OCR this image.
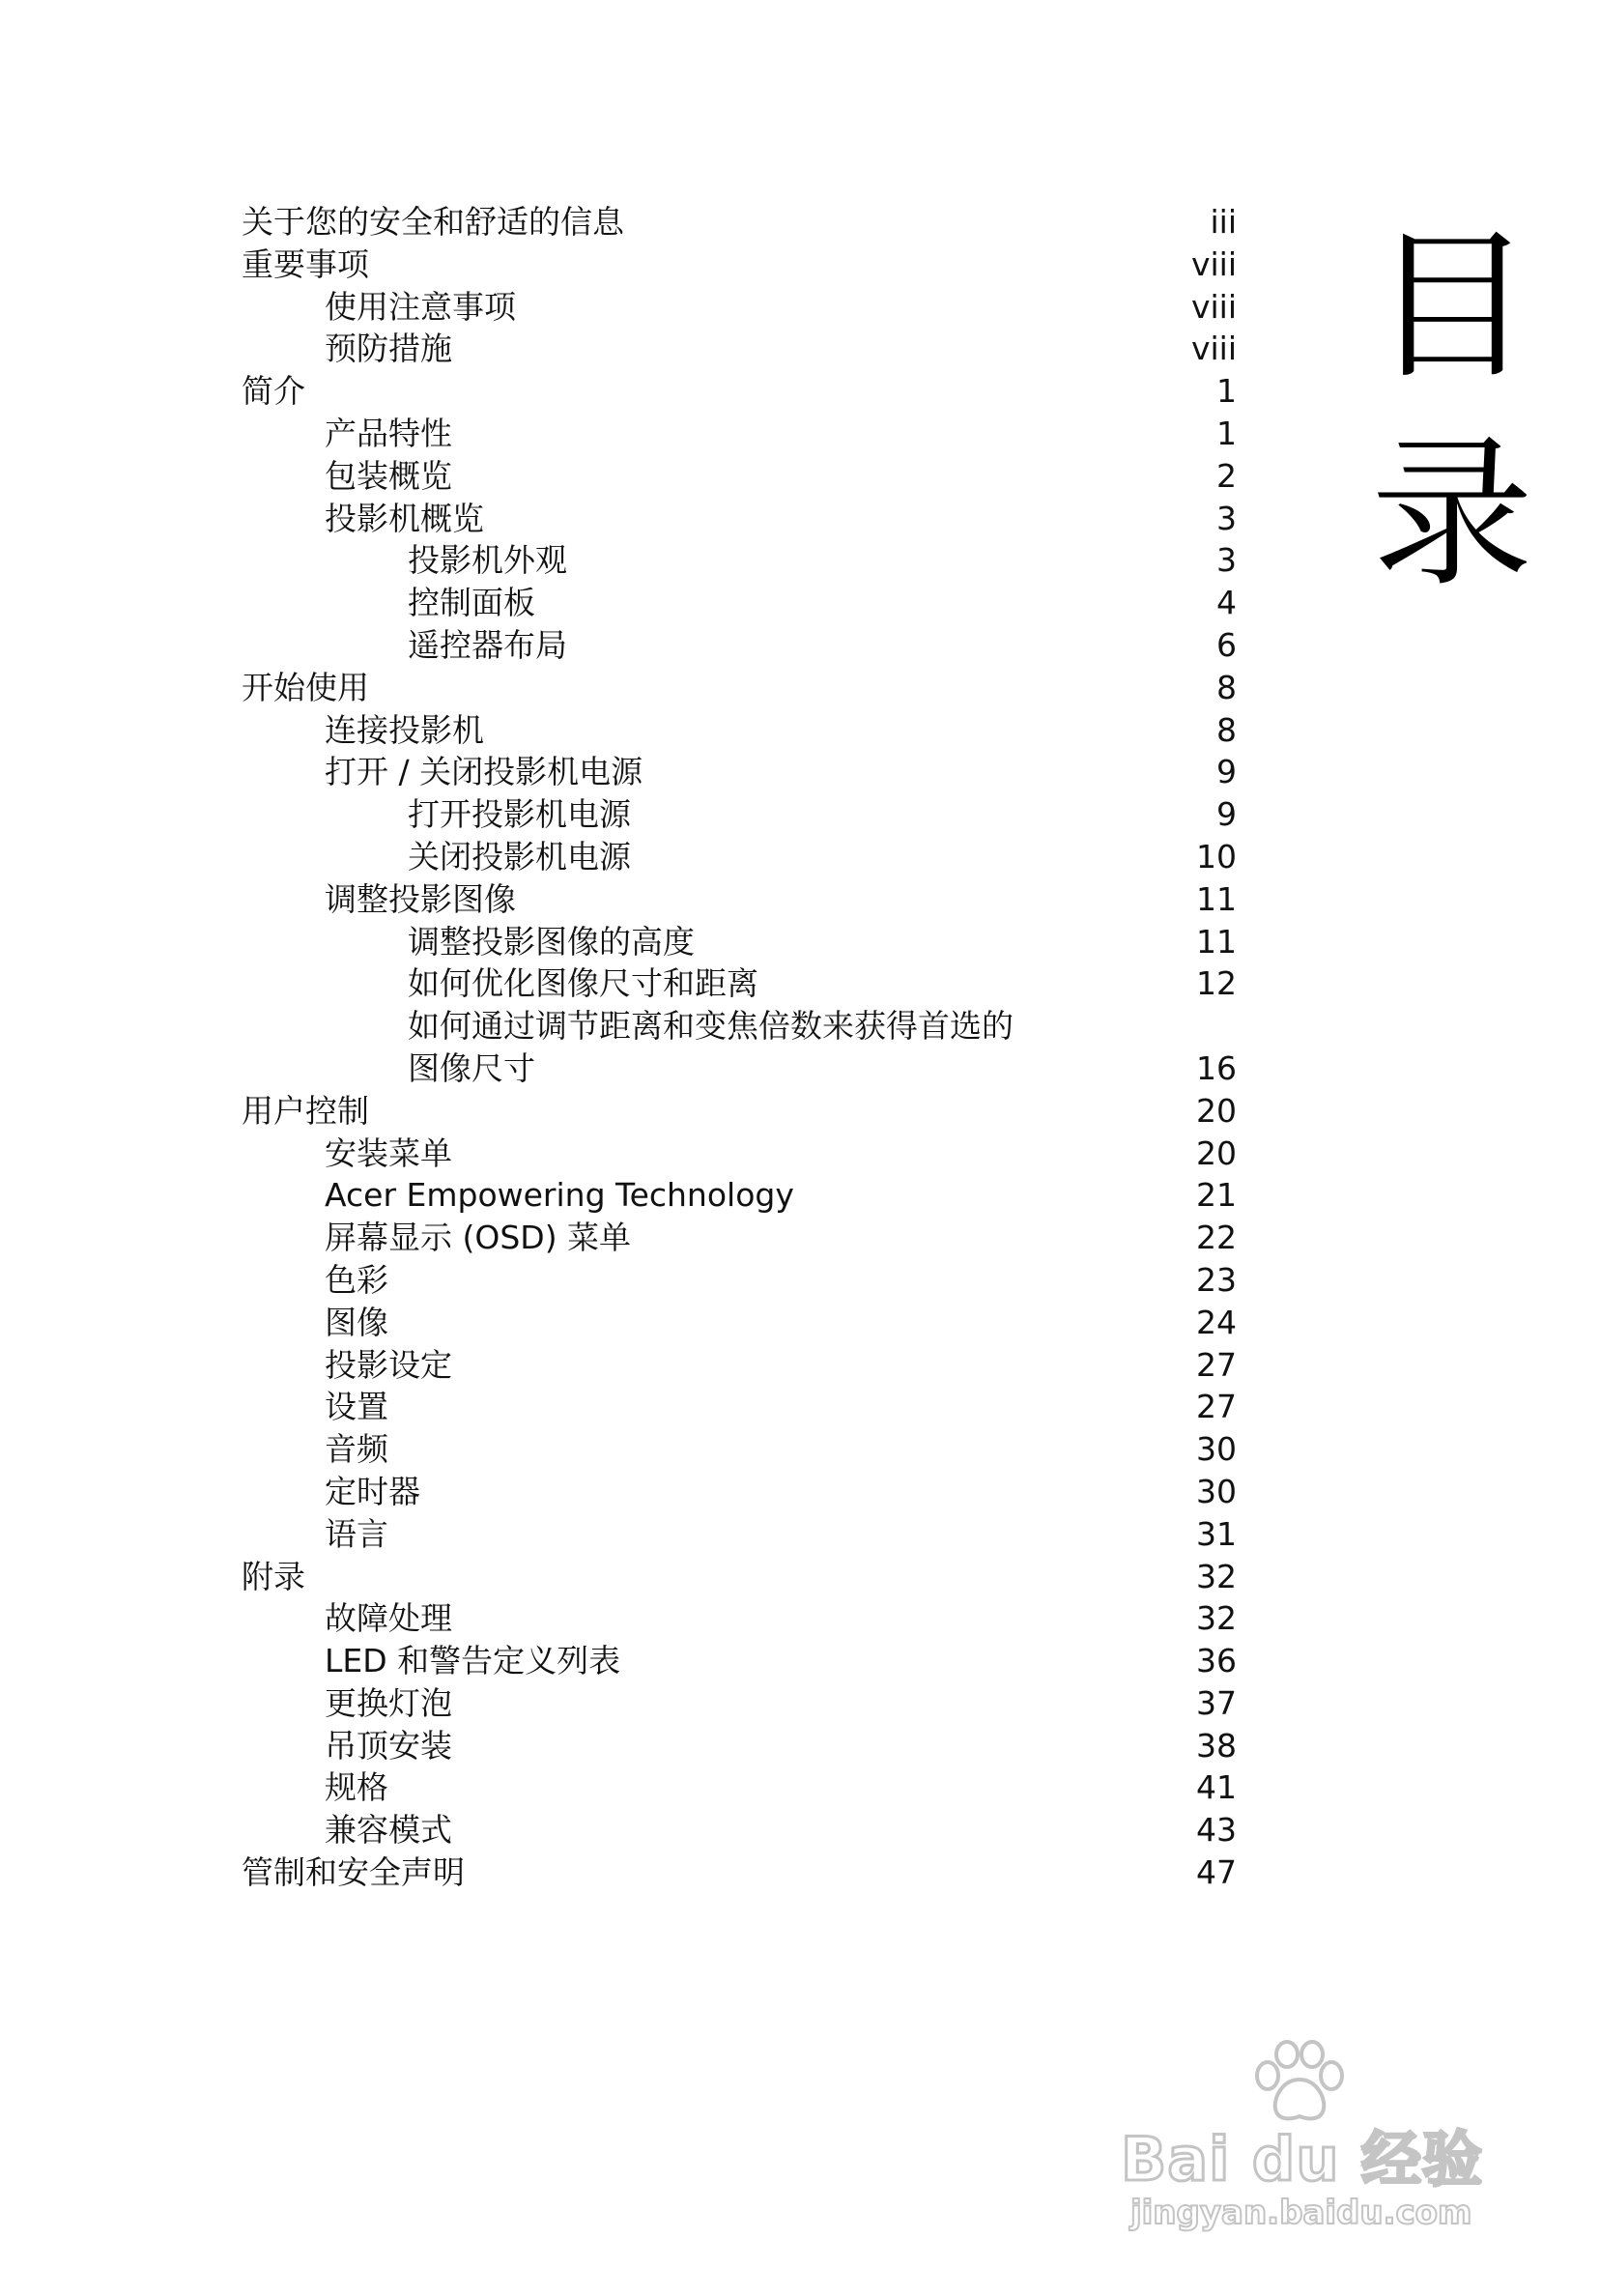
目
录
关于您的安全和舒适的信息	iii
重要事项	viii
使用注意事项	viii
预防措施	viii
简介	1
产品特性	1
包装概览	2
投影机概览	3
投影机外观	3
控制面板	4
遥控器布局	6
开始使用	8
连接投影机	8
打开 / 关闭投影机电源	9
打开投影机电源	9
关闭投影机电源	10
调整投影图像	11
调整投影图像的高度	11
如何优化图像尺寸和距离	12
如何通过调节距离和变焦倍数来获得首选的
图像尺寸	16
用户控制	20
安装菜单	20
Acer Empowering Technology	21
屏幕显示 (OSD) 菜单	22
色彩	23
图像	24
投影设定	27
设置	27
音频	30
定时器	30
语言	31
附录	32
故障处理	32
LED 和警告定义列表	36
更换灯泡	37
吊顶安装	38
规格	41
兼容模式	43
管制和安全声明	47
Bai du 经验
jingyan.baidu.com
